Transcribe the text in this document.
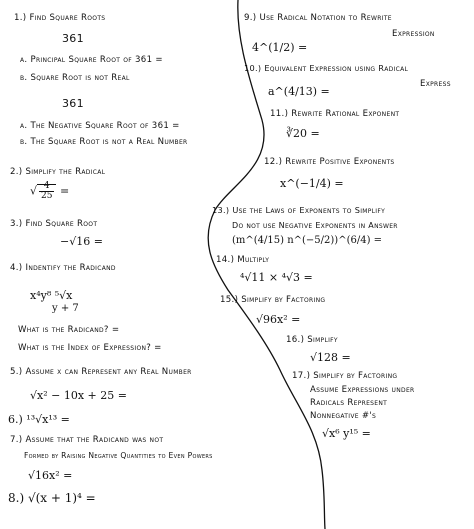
1.) Find Square Roots
361
a. Principal Square Root of 361 =
b. Square Root is not Real
361
a. The Negative Square Root of 361 =
b. The Square Root is not a Real Number
2.) Simplify the Radical
√ $\frac{4}{25}$ =
3.) Find Square Root
−√16 =
4.) Indentify the Radicand
x⁴y⁸ ⁵√x
y + 7
What is the Radicand? =
What is the Index of Expression? =
5.) Assume x can Represent any Real Number
√x² − 10x + 25 =
6.) ¹³√x¹³ =
7.) Assume that the Radicand was not
Formed by Raising Negative Quantities to Even Powers
√16x² =
8.) √(x + 1)⁴ =
9.) Use Radical Notation to Rewrite
Expression
4^(1/2) =
10.) Equivalent Expression using Radical
Express
a^(4/13) =
11.) Rewrite Rational Exponent
∛20 =
12.) Rewrite Positive Exponents
x^(−1/4) =
13.) Use the Laws of Exponents to Simplify
Do not use Negative Exponents in Answer
(m^(4/15) n^(−5/2))^(6/4) =
14.) Multiply
⁴√11 × ⁴√3 =
15.) Simplify by Factoring
√96x² =
16.) Simplify
√128 =
17.) Simplify by Factoring
Assume Expressions under
Radicals Represent
Nonnegative #'s
√x⁶ y¹⁵ =
